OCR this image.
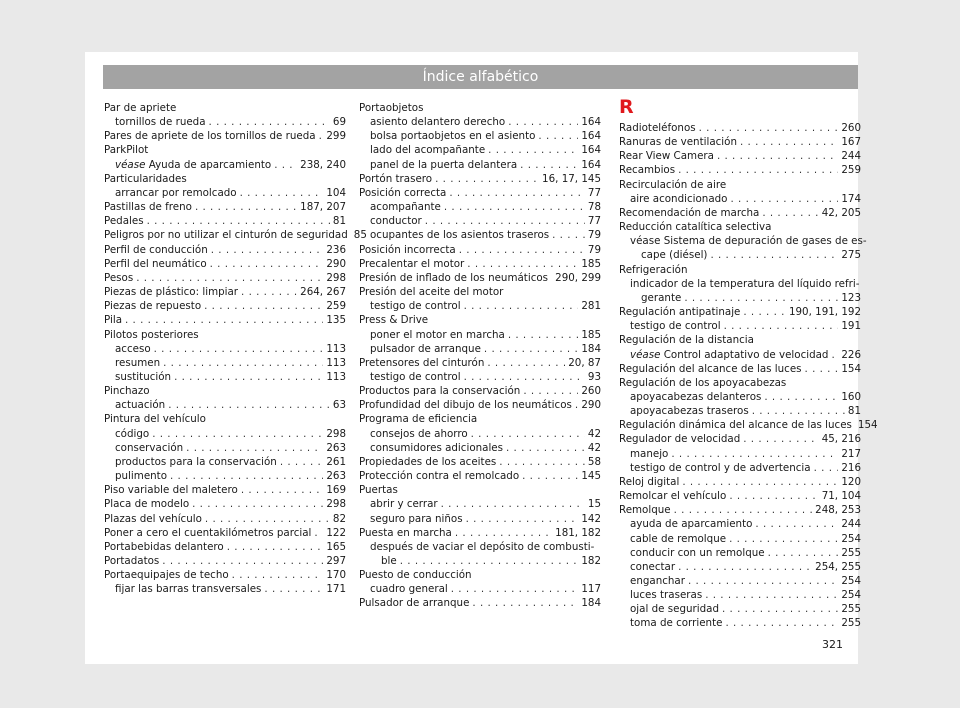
Índice alfabético
Par de apriete
tornillos de rueda . . .	69
Pares de apriete de los tornillos de rueda . . . 299
ParkPilot
véase Ayuda de aparcamiento . . .	238, 240
Particularidades
arrancar por remolcado . . .	104
Pastillas de freno . . .	187, 207
Pedales . . .	81
Peligros por no utilizar el cinturón de seguridad 85
Perfil de conducción . . .	236
Perfil del neumático . . .	290
Pesos . . .	298
Piezas de plástico: limpiar . . .	264, 267
Piezas de repuesto . . .	259
Pila . . .	135
Pilotos posteriores
acceso . . .	113
resumen . . .	113
sustitución . . .	113
Pinchazo
actuación . . .	63
Pintura del vehículo
código . . .	298
conservación . . .	263
productos para la conservación . . .	261
pulimento . . .	263
Piso variable del maletero . . .	169
Placa de modelo . . .	298
Plazas del vehículo . . .	82
Poner a cero el cuentakilómetros parcial . . . 122
Portabebidas delantero . . .	165
Portadatos . . .	297
Portaequipajes de techo . . .	170
fijar las barras transversales . . .	171
Portaobjetos
asiento delantero derecho . . .	164
bolsa portaobjetos en el asiento . . .	164
lado del acompañante . . .	164
panel de la puerta delantera . . .	164
Portón trasero . . .	16, 17, 145
Posición correcta . . .	77
acompañante . . .	78
conductor . . .	77
ocupantes de los asientos traseros . . .	79
Posición incorrecta . . .	79
Precalentar el motor . . .	185
Presión de inflado de los neumáticos . . . 290, 299
Presión del aceite del motor
testigo de control . . .	281
Press & Drive
poner el motor en marcha . . .	185
pulsador de arranque . . .	184
Pretensores del cinturón . . .	20, 87
testigo de control . . .	93
Productos para la conservación . . .	260
Profundidad del dibujo de los neumáticos . . . 290
Programa de eficiencia
consejos de ahorro . . .	42
consumidores adicionales . . .	42
Propiedades de los aceites . . .	58
Protección contra el remolcado . . .	145
Puertas
abrir y cerrar . . .	15
seguro para niños . . .	142
Puesta en marcha . . .	181, 182
después de vaciar el depósito de combusti-
ble . . .	182
Puesto de conducción
cuadro general . . .	117
Pulsador de arranque . . .	184
R
Radioteléfonos . . .	260
Ranuras de ventilación . . .	167
Rear View Camera . . .	244
Recambios . . .	259
Recirculación de aire
aire acondicionado . . .	174
Recomendación de marcha . . .	42, 205
Reducción catalítica selectiva
véase Sistema de depuración de gases de es-
cape (diésel) . . .	275
Refrigeración
indicador de la temperatura del líquido refri-
gerante . . .	123
Regulación antipatinaje . . .	190, 191, 192
testigo de control . . .	191
Regulación de la distancia
véase Control adaptativo de velocidad . . . 226
Regulación del alcance de las luces . . .	154
Regulación de los apoyacabezas
apoyacabezas delanteros . . .	160
apoyacabezas traseros . . .	81
Regulación dinámica del alcance de las luces 154
Regulador de velocidad . . .	45, 216
manejo . . .	217
testigo de control y de advertencia . . .	216
Reloj digital . . .	120
Remolcar el vehículo . . .	71, 104
Remolque . . .	248, 253
ayuda de aparcamiento . . .	244
cable de remolque . . .	254
conducir con un remolque . . .	255
conectar . . .	254, 255
enganchar . . .	254
luces traseras . . .	254
ojal de seguridad . . .	255
toma de corriente . . .	255
321
